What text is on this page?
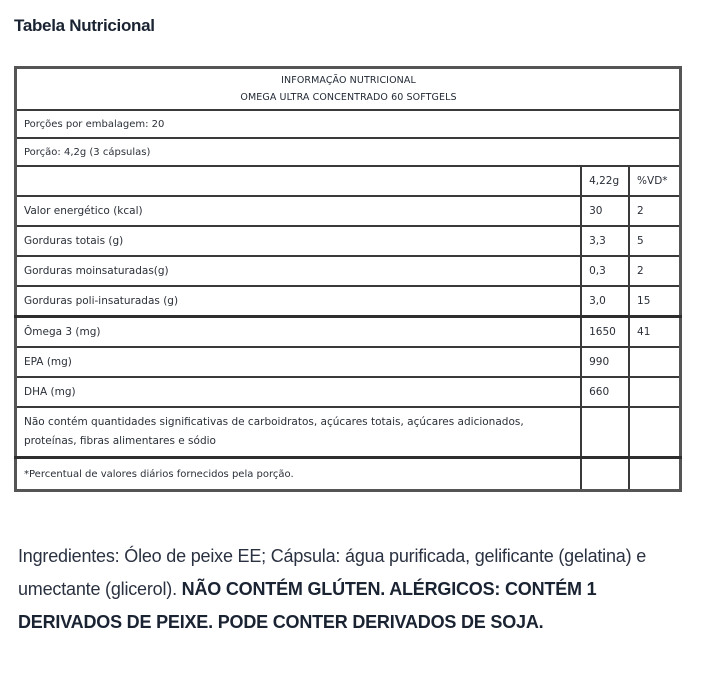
Tabela Nutricional
INFORMAÇÃO NUTRICIONAL
OMEGA ULTRA CONCENTRADO 60 SOFTGELS		

Porções por embalagem: 20		
Porção: 4,2g (3 cápsulas)		
	4,22g	%VD*
Valor energético (kcal)	30	2
Gorduras totais (g)	3,3	5
Gorduras moinsaturadas(g)	0,3	2
Gorduras poli-insaturadas (g)	3,0	15
Ômega 3 (mg)	1650	41
EPA (mg)	990	
DHA (mg)	660	
Não contém quantidades significativas de carboidratos, açúcares totais, açúcares adicionados, proteínas, fibras alimentares e sódio		
*Percentual de valores diários fornecidos pela porção.		
Ingredientes: Óleo de peixe EE; Cápsula: água purificada, gelificante (gelatina) e umectante (glicerol). NÃO CONTÉM GLÚTEN. ALÉRGICOS: CONTÉM 1 DERIVADOS DE PEIXE. PODE CONTER DERIVADOS DE SOJA.
